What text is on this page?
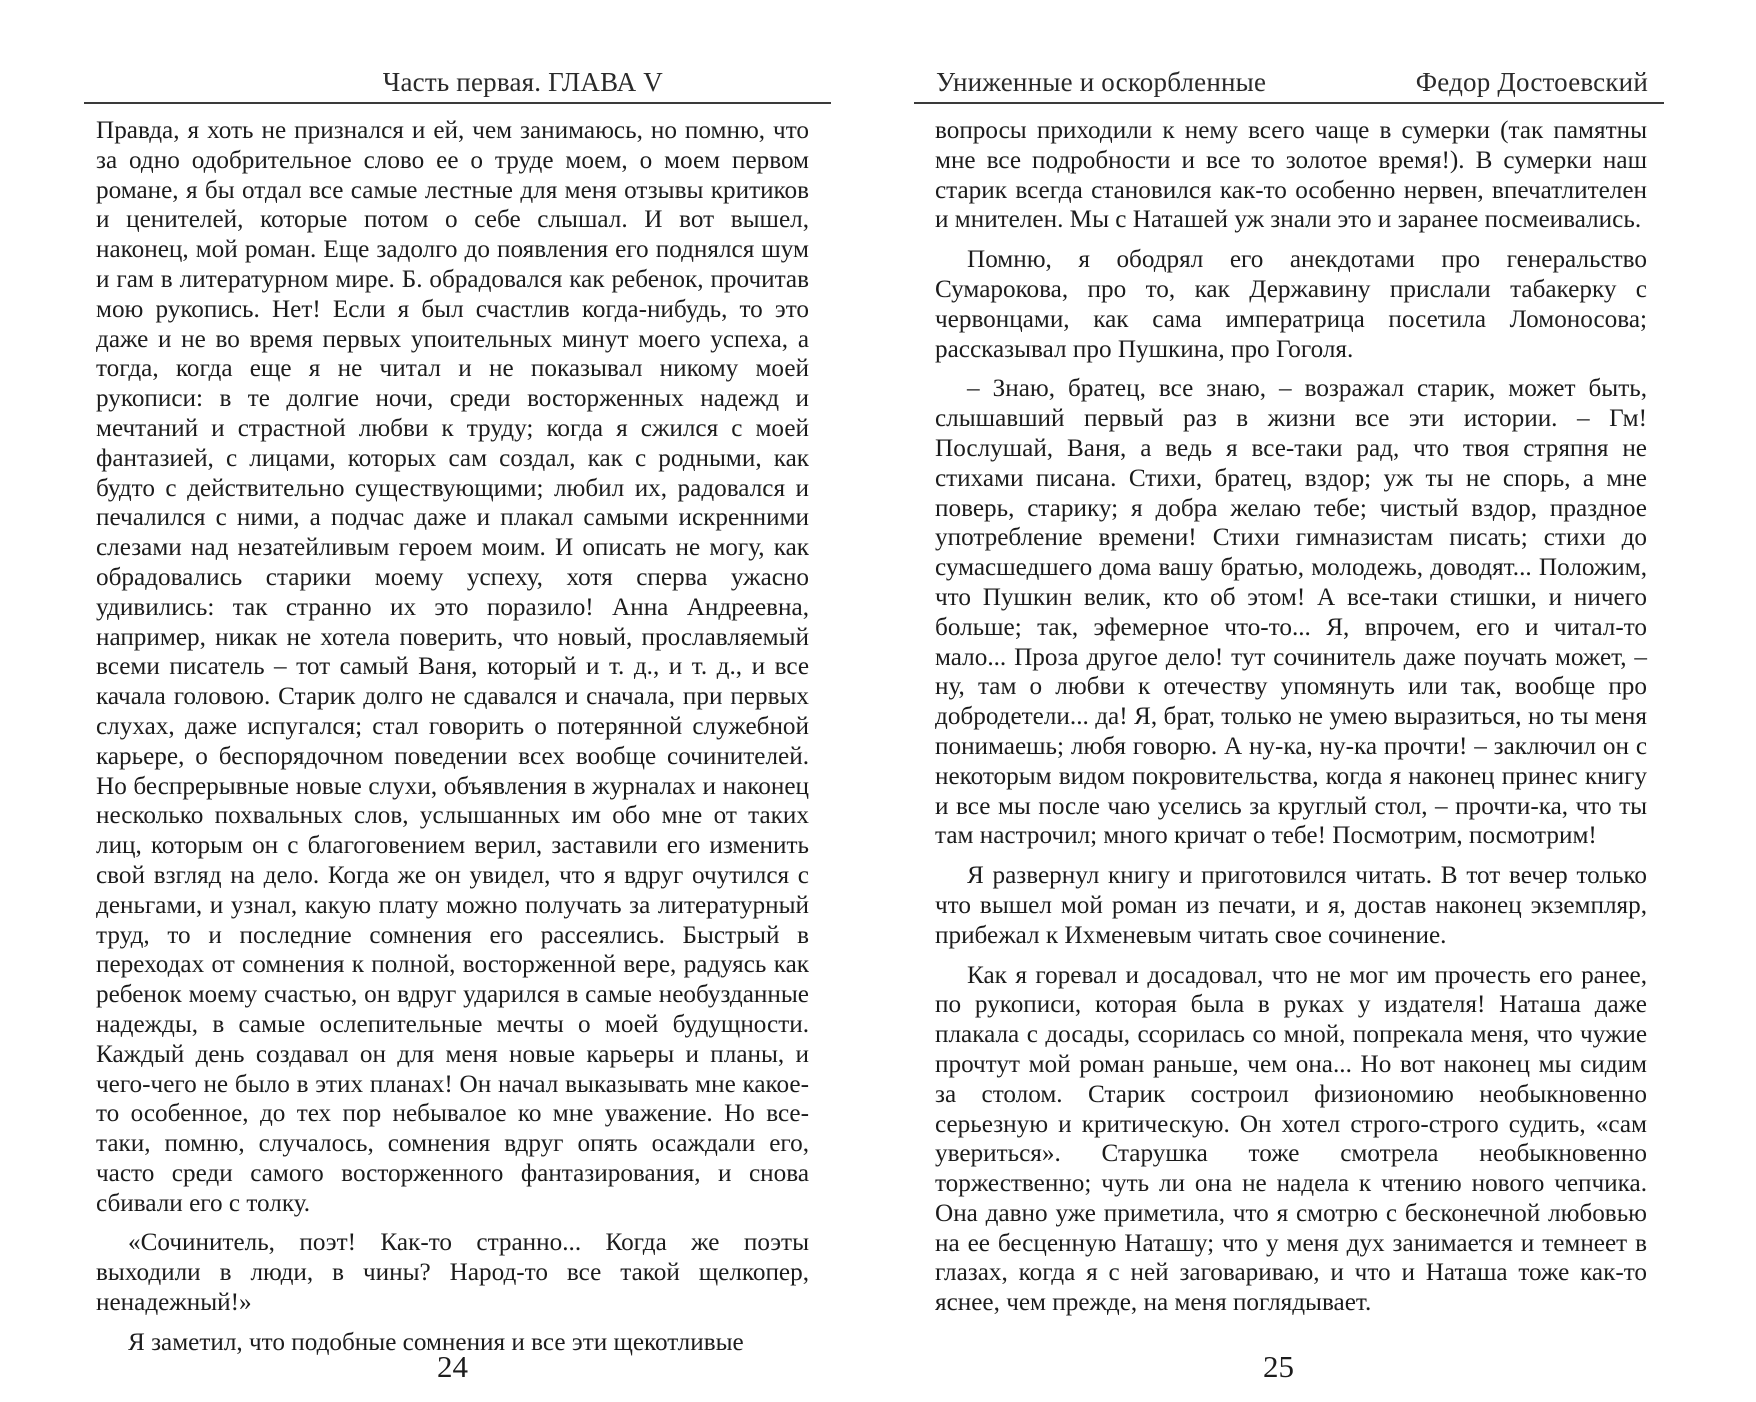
Часть первая. ГЛАВА V

Правда, я хоть не признался и ей, чем занимаюсь, но помню, что за одно одобрительное слово ее о труде моем, о моем первом романе, я бы отдал все самые лестные для меня отзывы критиков и ценителей, которые потом о себе слышал. И вот вышел, наконец, мой роман. Еще задолго до появления его поднялся шум и гам в литературном мире. Б. обрадовался как ребенок, прочитав мою рукопись. Нет! Если я был счастлив когда-нибудь, то это даже и не во время первых упоительных минут моего успеха, а тогда, когда еще я не читал и не показывал никому моей рукописи: в те долгие ночи, среди восторженных надежд и мечтаний и страстной любви к труду; когда я сжился с моей фантазией, с лицами, которых сам создал, как с родными, как будто с действительно существующими; любил их, радовался и печалился с ними, а подчас даже и плакал самыми искренними слезами над незатейливым героем моим. И описать не могу, как обрадовались старики моему успеху, хотя сперва ужасно удивились: так странно их это поразило! Анна Андреевна, например, никак не хотела поверить, что новый, прославляемый всеми писатель – тот самый Ваня, который и т. д., и т. д., и все качала головою. Старик долго не сдавался и сначала, при первых слухах, даже испугался; стал говорить о потерянной служебной карьере, о беспорядочном поведении всех вообще сочинителей. Но беспрерывные новые слухи, объявления в журналах и наконец несколько похвальных слов, услышанных им обо мне от таких лиц, которым он с благоговением верил, заставили его изменить свой взгляд на дело. Когда же он увидел, что я вдруг очутился с деньгами, и узнал, какую плату можно получать за литературный труд, то и последние сомнения его рассеялись. Быстрый в переходах от сомнения к полной, восторженной вере, радуясь как ребенок моему счастью, он вдруг ударился в самые необузданные надежды, в самые ослепительные мечты о моей будущности. Каждый день создавал он для меня новые карьеры и планы, и чего-чего не было в этих планах! Он начал выказывать мне какое-то особенное, до тех пор небывалое ко мне уважение. Но все-таки, помню, случалось, сомнения вдруг опять осаждали его, часто среди самого восторженного фантазирования, и снова сбивали его с толку.

«Сочинитель, поэт! Как-то странно... Когда же поэты выходили в люди, в чины? Народ-то все такой щелкопер, ненадежный!»

Я заметил, что подобные сомнения и все эти щекотливые

24
Униженные и оскорбленные	Федор Достоевский

вопросы приходили к нему всего чаще в сумерки (так памятны мне все подробности и все то золотое время!). В сумерки наш старик всегда становился как-то особенно нервен, впечатлителен и мнителен. Мы с Наташей уж знали это и заранее посмеивались.

Помню, я ободрял его анекдотами про генеральство Сумарокова, про то, как Державину прислали табакерку с червонцами, как сама императрица посетила Ломоносова; рассказывал про Пушкина, про Гоголя.

– Знаю, братец, все знаю, – возражал старик, может быть, слышавший первый раз в жизни все эти истории. – Гм! Послушай, Ваня, а ведь я все-таки рад, что твоя стряпня не стихами писана. Стихи, братец, вздор; уж ты не спорь, а мне поверь, старику; я добра желаю тебе; чистый вздор, праздное употребление времени! Стихи гимназистам писать; стихи до сумасшедшего дома вашу братью, молодежь, доводят... Положим, что Пушкин велик, кто об этом! А все-таки стишки, и ничего больше; так, эфемерное что-то... Я, впрочем, его и читал-то мало... Проза другое дело! тут сочинитель даже поучать может, – ну, там о любви к отечеству упомянуть или так, вообще про добродетели... да! Я, брат, только не умею выразиться, но ты меня понимаешь; любя говорю. А ну-ка, ну-ка прочти! – заключил он с некоторым видом покровительства, когда я наконец принес книгу и все мы после чаю уселись за круглый стол, – прочти-ка, что ты там настрочил; много кричат о тебе! Посмотрим, посмотрим!

Я развернул книгу и приготовился читать. В тот вечер только что вышел мой роман из печати, и я, достав наконец экземпляр, прибежал к Ихменевым читать свое сочинение.

Как я горевал и досадовал, что не мог им прочесть его ранее, по рукописи, которая была в руках у издателя! Наташа даже плакала с досады, ссорилась со мной, попрекала меня, что чужие прочтут мой роман раньше, чем она... Но вот наконец мы сидим за столом. Старик состроил физиономию необыкновенно серьезную и критическую. Он хотел строго-строго судить, «сам увериться». Старушка тоже смотрела необыкновенно торжественно; чуть ли она не надела к чтению нового чепчика. Она давно уже приметила, что я смотрю с бесконечной любовью на ее бесценную Наташу; что у меня дух занимается и темнеет в глазах, когда я с ней заговариваю, и что и Наташа тоже как-то яснее, чем прежде, на меня поглядывает.

25
